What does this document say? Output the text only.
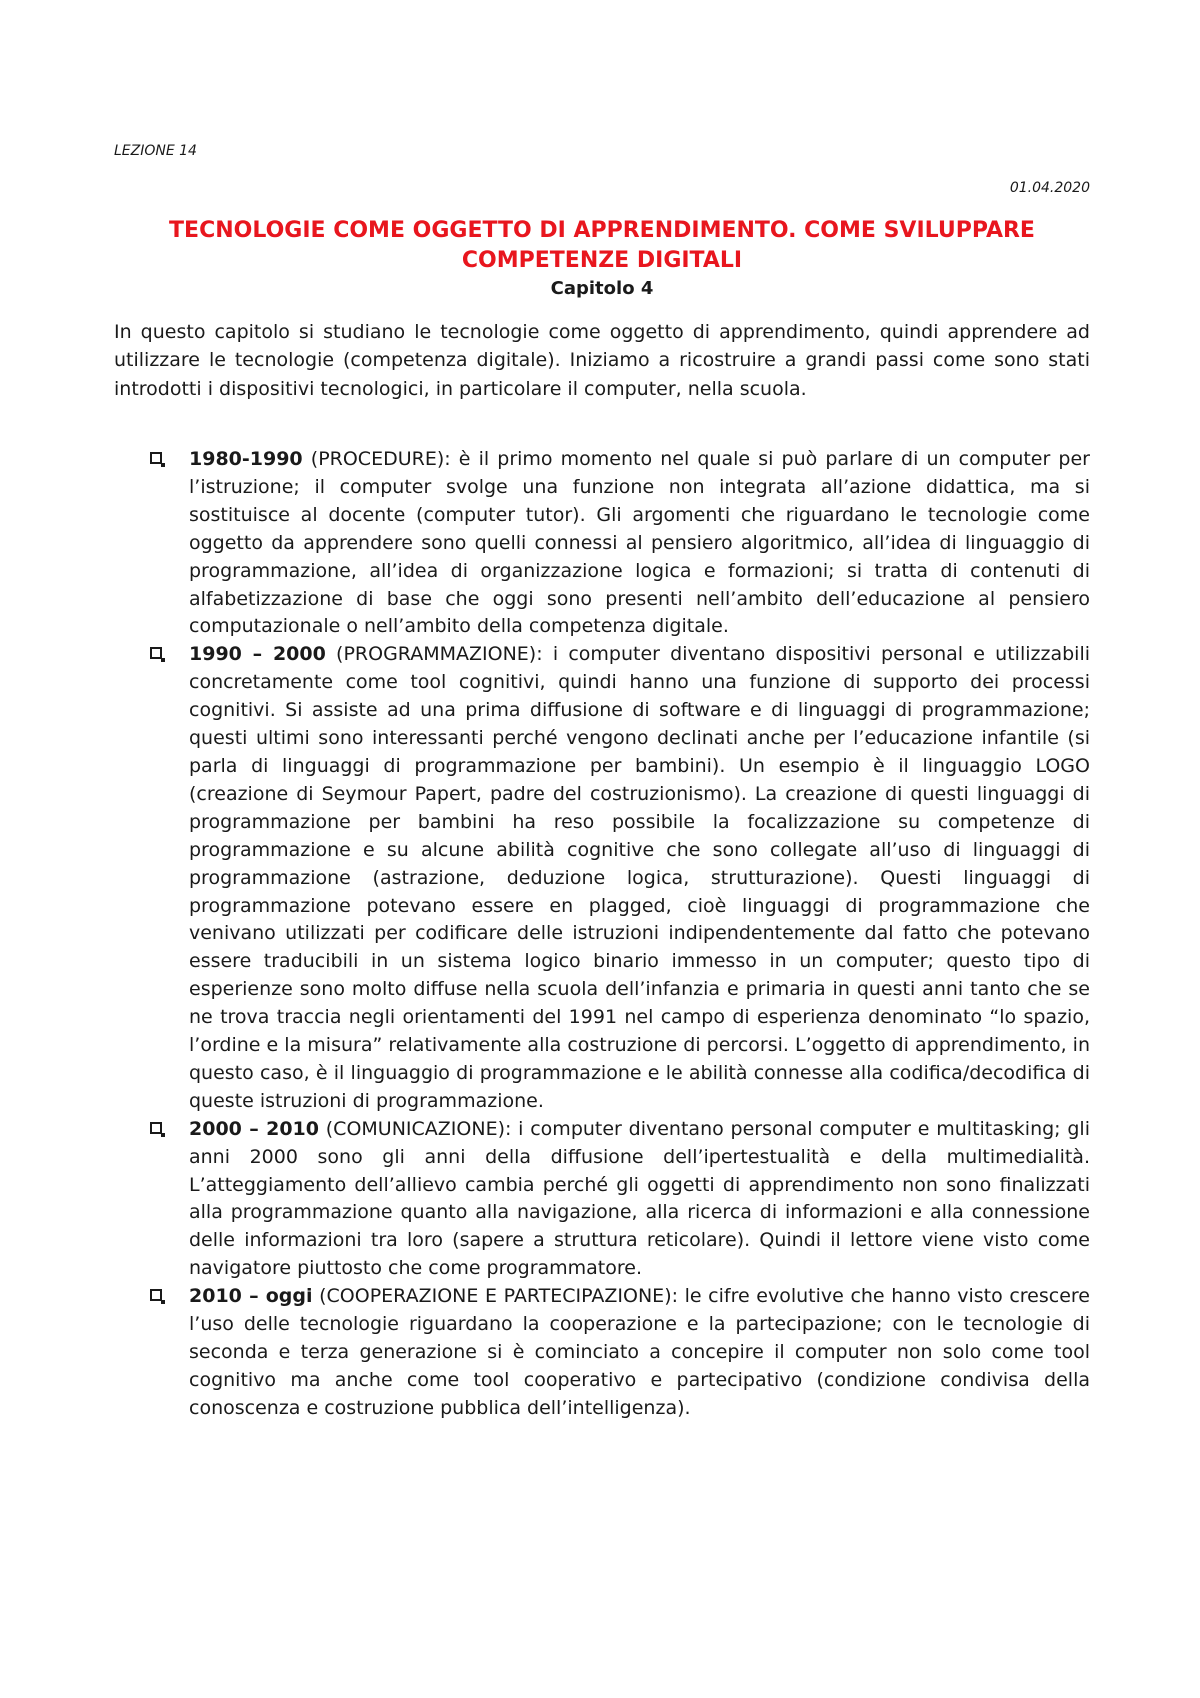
LEZIONE 14
01.04.2020
TECNOLOGIE COME OGGETTO DI APPRENDIMENTO. COME SVILUPPARE COMPETENZE DIGITALI
Capitolo 4

In questo capitolo si studiano le tecnologie come oggetto di apprendimento, quindi apprendere ad utilizzare le tecnologie (competenza digitale). Iniziamo a ricostruire a grandi passi come sono stati introdotti i dispositivi tecnologici, in particolare il computer, nella scuola.

1980-1990 (PROCEDURE): è il primo momento nel quale si può parlare di un computer per l’istruzione; il computer svolge una funzione non integrata all’azione didattica, ma si sostituisce al docente (computer tutor). Gli argomenti che riguardano le tecnologie come oggetto da apprendere sono quelli connessi al pensiero algoritmico, all’idea di linguaggio di programmazione, all’idea di organizzazione logica e formazioni; si tratta di contenuti di alfabetizzazione di base che oggi sono presenti nell’ambito dell’educazione al pensiero computazionale o nell’ambito della competenza digitale.
1990 – 2000 (PROGRAMMAZIONE): i computer diventano dispositivi personal e utilizzabili concretamente come tool cognitivi, quindi hanno una funzione di supporto dei processi cognitivi. Si assiste ad una prima diffusione di software e di linguaggi di programmazione; questi ultimi sono interessanti perché vengono declinati anche per l’educazione infantile (si parla di linguaggi di programmazione per bambini). Un esempio è il linguaggio LOGO (creazione di Seymour Papert, padre del costruzionismo). La creazione di questi linguaggi di programmazione per bambini ha reso possibile la focalizzazione su competenze di programmazione e su alcune abilità cognitive che sono collegate all’uso di linguaggi di programmazione (astrazione, deduzione logica, strutturazione). Questi linguaggi di programmazione potevano essere en plagged, cioè linguaggi di programmazione che venivano utilizzati per codificare delle istruzioni indipendentemente dal fatto che potevano essere traducibili in un sistema logico binario immesso in un computer; questo tipo di esperienze sono molto diffuse nella scuola dell’infanzia e primaria in questi anni tanto che se ne trova traccia negli orientamenti del 1991 nel campo di esperienza denominato “lo spazio, l’ordine e la misura” relativamente alla costruzione di percorsi. L’oggetto di apprendimento, in questo caso, è il linguaggio di programmazione e le abilità connesse alla codifica/decodifica di queste istruzioni di programmazione.
2000 – 2010 (COMUNICAZIONE): i computer diventano personal computer e multitasking; gli anni 2000 sono gli anni della diffusione dell’ipertestualità e della multimedialità. L’atteggiamento dell’allievo cambia perché gli oggetti di apprendimento non sono finalizzati alla programmazione quanto alla navigazione, alla ricerca di informazioni e alla connessione delle informazioni tra loro (sapere a struttura reticolare). Quindi il lettore viene visto come navigatore piuttosto che come programmatore.
2010 – oggi (COOPERAZIONE E PARTECIPAZIONE): le cifre evolutive che hanno visto crescere l’uso delle tecnologie riguardano la cooperazione e la partecipazione; con le tecnologie di seconda e terza generazione si è cominciato a concepire il computer non solo come tool cognitivo ma anche come tool cooperativo e partecipativo (condizione condivisa della conoscenza e costruzione pubblica dell’intelligenza).
